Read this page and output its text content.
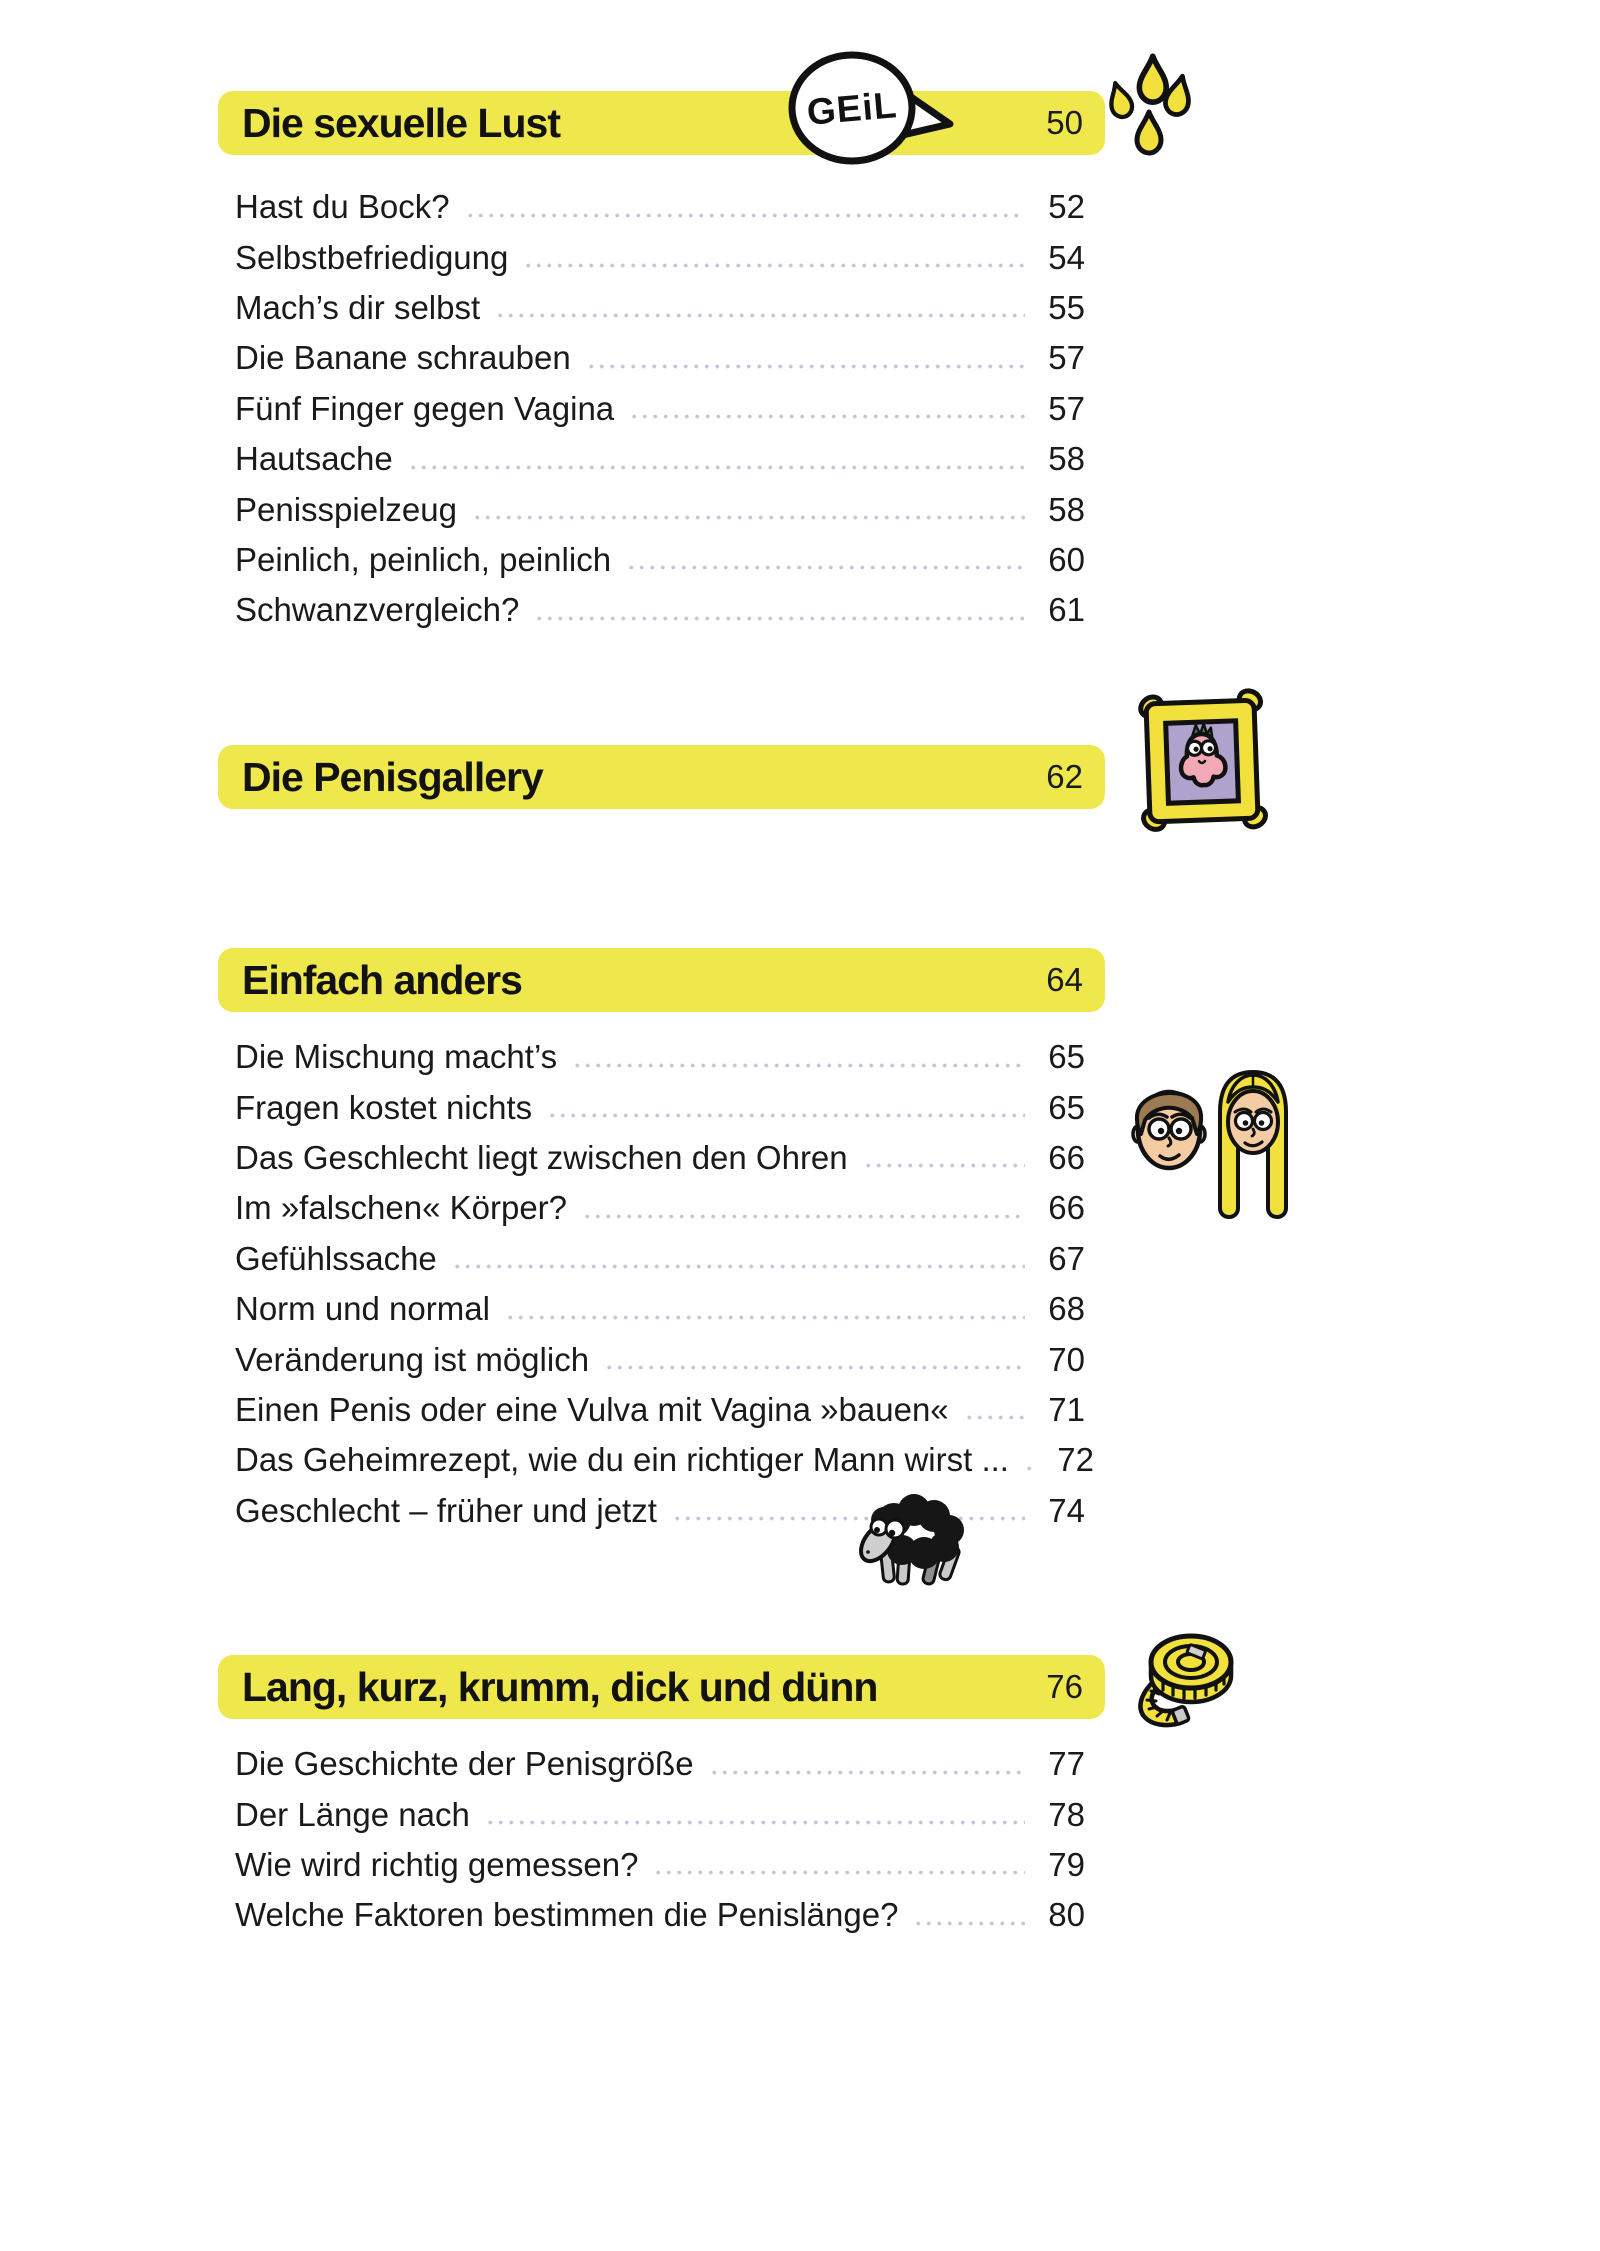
Die sexuelle Lust	50
Hast du Bock?	52
Selbstbefriedigung	54
Mach’s dir selbst	55
Die Banane schrauben	57
Fünf Finger gegen Vagina	57
Hautsache	58
Penisspielzeug	58
Peinlich, peinlich, peinlich	60
Schwanzvergleich?	61
Die Penisgallery	62
Einfach anders	64
Die Mischung macht’s	65
Fragen kostet nichts	65
Das Geschlecht liegt zwischen den Ohren	66
Im »falschen« Körper?	66
Gefühlssache	67
Norm und normal	68
Veränderung ist möglich	70
Einen Penis oder eine Vulva mit Vagina »bauen«	71
Das Geheimrezept, wie du ein richtiger Mann wirst ...	72
Geschlecht – früher und jetzt	74
Lang, kurz, krumm, dick und dünn	76
Die Geschichte der Penisgröße	77
Der Länge nach	78
Wie wird richtig gemessen?	79
Welche Faktoren bestimmen die Penislänge?	80
GEiL
